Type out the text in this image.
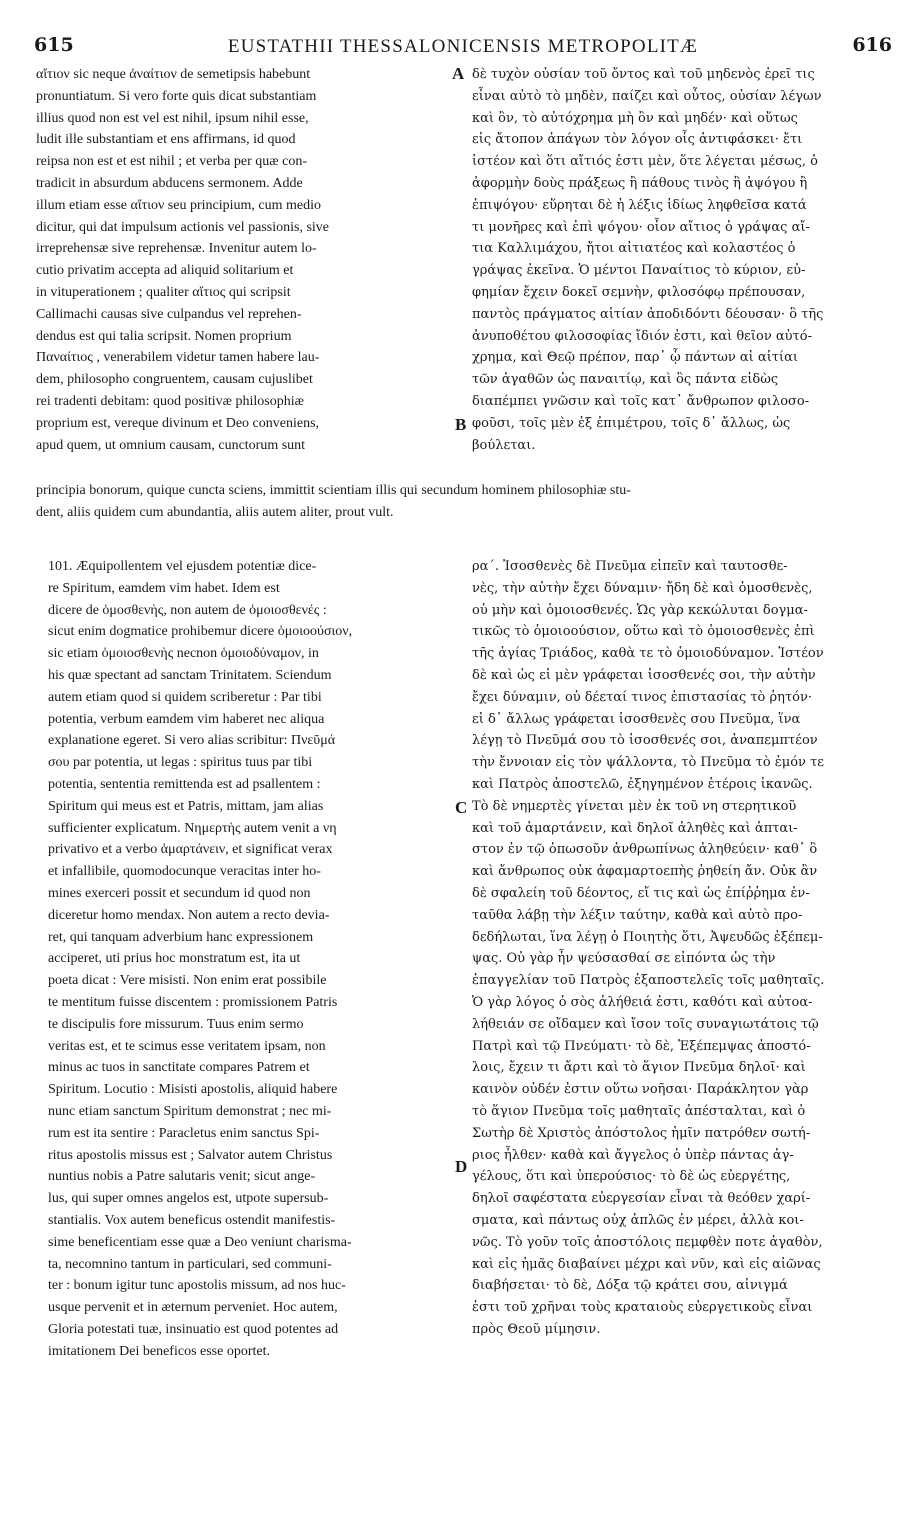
615	EUSTATHII THESSALONICENSIS METROPOLITÆ	616
αἴτιον sic neque ἀναίτιον de semetipsis habebunt
pronuntiatum. Si vero forte quis dicat substantiam
illius quod non est vel est nihil, ipsum nihil esse,
ludit ille substantiam et ens affirmans, id quod
reipsa non est et est nihil ; et verba per quæ con-
tradicit in absurdum abducens sermonem. Adde
illum etiam esse αἴτιον seu principium, cum medio
dicitur, qui dat impulsum actionis vel passionis, sive
irreprehensæ sive reprehensæ. Invenitur autem lo-
cutio privatim accepta ad aliquid solitarium et
in vituperationem ; qualiter αἴτιος qui scripsit
Callimachi causas sive culpandus vel reprehen-
dendus est qui talia scripsit. Nomen proprium
Παναίτιος , venerabilem videtur tamen habere lau-
dem, philosopho congruentem, causam cujuslibet
rei tradenti debitam: quod positivæ philosophiæ
proprium est, vereque divinum et Deo conveniens,
apud quem, ut omnium causam, cunctorum sunt
δὲ τυχὸν οὐσίαν τοῦ ὄντος καὶ τοῦ μηδενὸς ἐρεῖ τις
εἶναι αὐτὸ τὸ μηδὲν, παίζει καὶ οὗτος, οὐσίαν λέγων
καὶ ὂν, τὸ αὐτόχρημα μὴ ὂν καὶ μηδέν· καὶ οὕτως
εἰς ἄτοπον ἀπάγων τὸν λόγον οἷς ἀντιφάσκει· ἔτι
ἰστέον καὶ ὅτι αἴτιός ἐστι μὲν, ὅτε λέγεται μέσως, ὁ
ἀφορμὴν δοὺς πράξεως ἢ πάθους τινὸς ἢ ἀψόγου ἢ
ἐπιψόγου· εὕρηται δὲ ἡ λέξις ἰδίως ληφθεῖσα κατά
τι μονῆρες καὶ ἐπὶ ψόγου· οἷον αἴτιος ὁ γράψας αἴ-
τια Καλλιμάχου, ἤτοι αἰτιατέος καὶ κολαστέος ὁ
γράψας ἐκεῖνα. Ὁ μέντοι Παναίτιος τὸ κύριον, εὐ-
φημίαν ἔχειν δοκεῖ σεμνὴν, φιλοσόφῳ πρέπουσαν,
παντὸς πράγματος αἰτίαν ἀποδιδόντι δέουσαν· ὃ τῆς
ἀνυποθέτου φιλοσοφίας ἴδιόν ἐστι, καὶ θεῖον αὐτό-
χρημα, καὶ Θεῷ πρέπον, παρ᾽ ᾧ πάντων αἱ αἰτίαι
τῶν ἀγαθῶν ὡς παναιτίῳ, καὶ ὃς πάντα εἰδὼς
διαπέμπει γνῶσιν καὶ τοῖς κατ᾽ ἄνθρωπον φιλοσο-
φοῦσι, τοῖς μὲν ἐξ ἐπιμέτρου, τοῖς δ᾽ ἄλλως, ὡς
βούλεται.
A
B
principia bonorum, quique cuncta sciens, immittit scientiam illis qui secundum hominem philosophiæ stu-
dent, aliis quidem cum abundantia, aliis autem aliter, prout vult.
101. Æquipollentem vel ejusdem potentiæ dice-
re Spiritum, eamdem vim habet. Idem est
dicere de ὁμοσθενὴς, non autem de ὁμοιοσθενές :
sicut enim dogmatice prohibemur dicere ὁμοιοούσιον,
sic etiam ὁμοιοσθενὴς necnon ὁμοιοδύναμον, in
his quæ spectant ad sanctam Trinitatem. Sciendum
autem etiam quod si quidem scriberetur : Par tibi
potentia, verbum eamdem vim haberet nec aliqua
explanatione egeret. Si vero alias scribitur: Πνεῦμά
σου par potentia, ut legas : spiritus tuus par tibi
potentia, sententia remittenda est ad psallentem :
Spiritum qui meus est et Patris, mittam, jam alias
sufficienter explicatum. Νημερτὴς autem venit a νη
privativo et a verbo ἁμαρτάνειν, et significat verax
et infallibile, quomodocunque veracitas inter ho-
mines exerceri possit et secundum id quod non
diceretur homo mendax. Non autem a recto devia-
ret, qui tanquam adverbium hanc expressionem
acciperet, uti prius hoc monstratum est, ita ut
poeta dicat : Vere misisti. Non enim erat possibile
te mentitum fuisse discentem : promissionem Patris
te discipulis fore missurum. Tuus enim sermo
veritas est, et te scimus esse veritatem ipsam, non
minus ac tuos in sanctitate compares Patrem et
Spiritum. Locutio : Misisti apostolis, aliquid habere
nunc etiam sanctum Spiritum demonstrat ; nec mi-
rum est ita sentire : Paracletus enim sanctus Spi-
ritus apostolis missus est ; Salvator autem Christus
nuntius nobis a Patre salutaris venit; sicut ange-
lus, qui super omnes angelos est, utpote supersub-
stantialis. Vox autem beneficus ostendit manifestis-
sime beneficentiam esse quæ a Deo veniunt charisma-
ta, necomnino tantum in particulari, sed communi-
ter : bonum igitur tunc apostolis missum, ad nos huc-
usque pervenit et in æternum perveniet. Hoc autem,
Gloria potestati tuæ, insinuatio est quod potentes ad
imitationem Dei beneficos esse oportet.
ρα´. Ἰσοσθενὲς δὲ Πνεῦμα εἰπεῖν καὶ ταυτοσθε-
νὲς, τὴν αὐτὴν ἔχει δύναμιν· ἤδη δὲ καὶ ὁμοσθενὲς,
οὐ μὴν καὶ ὁμοιοσθενές. Ὡς γὰρ κεκώλυται δογμα-
τικῶς τὸ ὁμοιοούσιον, οὕτω καὶ τὸ ὁμοιοσθενὲς ἐπὶ
τῆς ἁγίας Τριάδος, καθὰ τε τὸ ὁμοιοδύναμον. Ἰστέον
δὲ καὶ ὡς εἰ μὲν γράφεται ἰσοσθενές σοι, τὴν αὐτὴν
ἔχει δύναμιν, οὐ δέεταί τινος ἐπιστασίας τὸ ῥητόν·
εἰ δ᾽ ἄλλως γράφεται ἰσοσθενὲς σου Πνεῦμα, ἵνα
λέγῃ τὸ Πνεῦμά σου τὸ ἰσοσθενές σοι, ἀναπεμπτέον
τὴν ἔννοιαν εἰς τὸν ψάλλοντα, τὸ Πνεῦμα τὸ ἐμόν τε
καὶ Πατρὸς ἀποστελῶ, ἐξηγημένον ἑτέροις ἱκανῶς.
Τὸ δὲ νημερτὲς γίνεται μὲν ἐκ τοῦ νη στερητικοῦ
καὶ τοῦ ἁμαρτάνειν, καὶ δηλοῖ ἀληθὲς καὶ ἀπται-
στον ἐν τῷ ὁπωσοῦν ἀνθρωπίνως ἀληθεύειν· καθ᾽ ὃ
καὶ ἄνθρωπος οὐκ ἀφαμαρτοεπὴς ῥηθείη ἄν. Οὐκ ἂν
δὲ σφαλείη τοῦ δέοντος, εἴ τις καὶ ὡς ἐπίῤῥημα ἐν-
ταῦθα λάβῃ τὴν λέξιν ταύτην, καθὰ καὶ αὐτὸ προ-
δεδήλωται, ἵνα λέγῃ ὁ Ποιητὴς ὅτι, Ἀψευδῶς ἐξέπεμ-
ψας. Οὐ γὰρ ἦν ψεύσασθαί σε εἰπόντα ὡς τὴν
ἐπαγγελίαν τοῦ Πατρὸς ἐξαποστελεῖς τοῖς μαθηταῖς.
Ὁ γὰρ λόγος ὁ σὸς ἀλήθειά ἐστι, καθότι καὶ αὐτοα-
λήθειάν σε οἴδαμεν καὶ ἴσον τοῖς συναγιωτάτοις τῷ
Πατρὶ καὶ τῷ Πνεύματι· τὸ δὲ, Ἐξέπεμψας ἀποστό-
λοις, ἔχειν τι ἄρτι καὶ τὸ ἅγιον Πνεῦμα δηλοῖ· καὶ
καινὸν οὐδέν ἐστιν οὕτω νοῆσαι· Παράκλητον γὰρ
τὸ ἅγιον Πνεῦμα τοῖς μαθηταῖς ἀπέσταλται, καὶ ὁ
Σωτὴρ δὲ Χριστὸς ἀπόστολος ἡμῖν πατρόθεν σωτή-
ριος ἦλθεν· καθὰ καὶ ἄγγελος ὁ ὑπὲρ πάντας ἀγ-
γέλους, ὅτι καὶ ὑπερούσιος· τὸ δὲ ὡς εὐεργέτης,
δηλοῖ σαφέστατα εὐεργεσίαν εἶναι τὰ θεόθεν χαρί-
σματα, καὶ πάντως οὐχ ἁπλῶς ἐν μέρει, ἀλλὰ κοι-
νῶς. Τὸ γοῦν τοῖς ἀποστόλοις πεμφθὲν ποτε ἀγαθὸν,
καὶ εἰς ἡμᾶς διαβαίνει μέχρι καὶ νῦν, καὶ εἰς αἰῶνας
διαβήσεται· τὸ δὲ, Δόξα τῷ κράτει σου, αἰνιγμά
ἐστι τοῦ χρῆναι τοὺς κραταιοὺς εὐεργετικοὺς εἶναι
πρὸς Θεοῦ μίμησιν.
C
D
